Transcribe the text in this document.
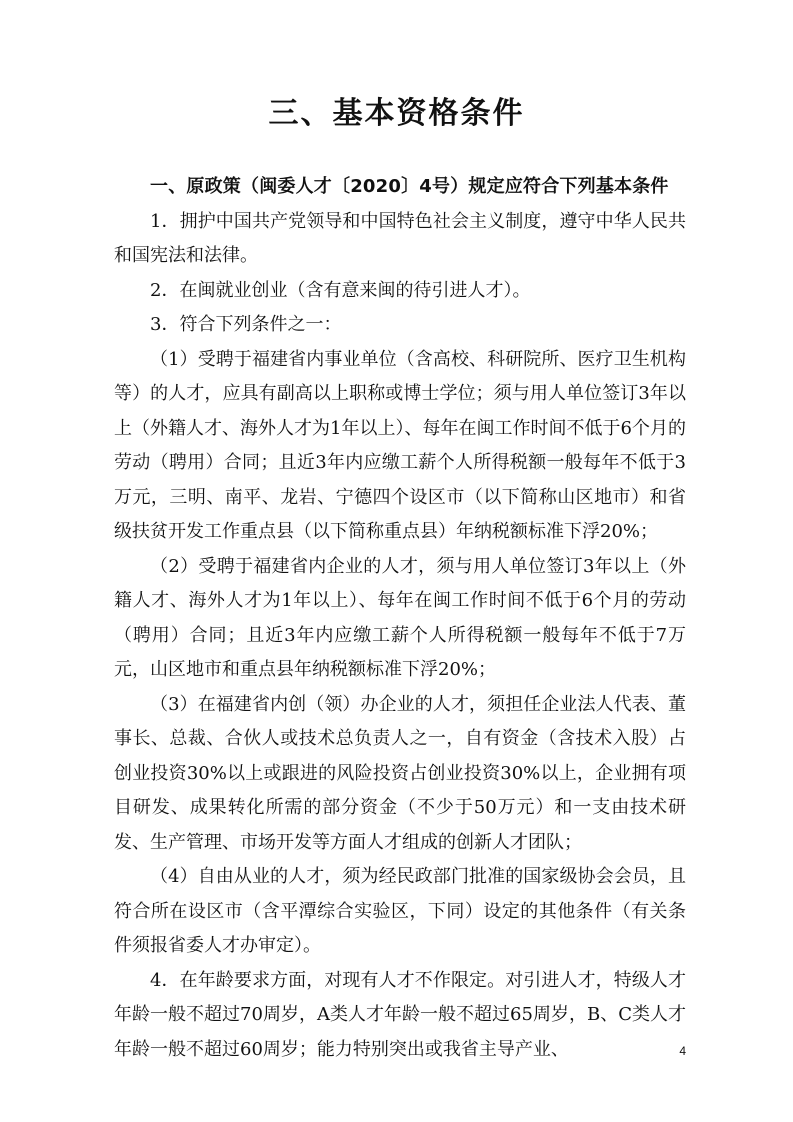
三、基本资格条件

一、原政策（闽委人才〔2020〕4号）规定应符合下列基本条件

1．拥护中国共产党领导和中国特色社会主义制度，遵守中华人民共和国宪法和法律。

2．在闽就业创业（含有意来闽的待引进人才）。

3．符合下列条件之一：

（1）受聘于福建省内事业单位（含高校、科研院所、医疗卫生机构等）的人才，应具有副高以上职称或博士学位；须与用人单位签订3年以上（外籍人才、海外人才为1年以上）、每年在闽工作时间不低于6个月的劳动（聘用）合同；且近3年内应缴工薪个人所得税额一般每年不低于3万元，三明、南平、龙岩、宁德四个设区市（以下简称山区地市）和省级扶贫开发工作重点县（以下简称重点县）年纳税额标准下浮20%；

（2）受聘于福建省内企业的人才，须与用人单位签订3年以上（外籍人才、海外人才为1年以上）、每年在闽工作时间不低于6个月的劳动（聘用）合同；且近3年内应缴工薪个人所得税额一般每年不低于7万元，山区地市和重点县年纳税额标准下浮20%；

（3）在福建省内创（领）办企业的人才，须担任企业法人代表、董事长、总裁、合伙人或技术总负责人之一，自有资金（含技术入股）占创业投资30%以上或跟进的风险投资占创业投资30%以上，企业拥有项目研发、成果转化所需的部分资金（不少于50万元）和一支由技术研发、生产管理、市场开发等方面人才组成的创新人才团队；

（4）自由从业的人才，须为经民政部门批准的国家级协会会员，且符合所在设区市（含平潭综合实验区，下同）设定的其他条件（有关条件须报省委人才办审定）。

4．在年龄要求方面，对现有人才不作限定。对引进人才，特级人才年龄一般不超过70周岁，A类人才年龄一般不超过65周岁，B、C类人才年龄一般不超过60周岁；能力特别突出或我省主导产业、	4
